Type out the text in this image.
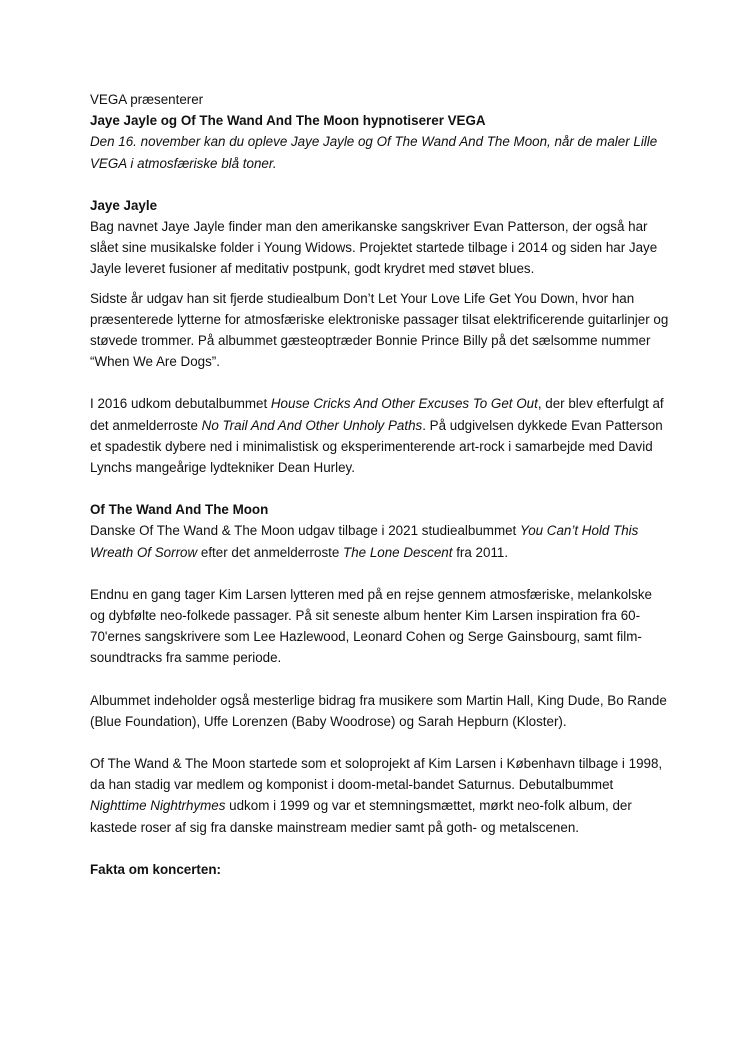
VEGA præsenterer

Jaye Jayle og Of The Wand And The Moon hypnotiserer VEGA

Den 16. november kan du opleve Jaye Jayle og Of The Wand And The Moon, når de maler Lille VEGA i atmosfæriske blå toner.

Jaye Jayle

Bag navnet Jaye Jayle finder man den amerikanske sangskriver Evan Patterson, der også har slået sine musikalske folder i Young Widows. Projektet startede tilbage i 2014 og siden har Jaye Jayle leveret fusioner af meditativ postpunk, godt krydret med støvet blues.

Sidste år udgav han sit fjerde studiealbum Don’t Let Your Love Life Get You Down, hvor han præsenterede lytterne for atmosfæriske elektroniske passager tilsat elektrificerende guitarlinjer og støvede trommer. På albummet gæsteoptræder Bonnie Prince Billy på det sælsomme nummer “When We Are Dogs”.

I 2016 udkom debutalbummet House Cricks And Other Excuses To Get Out, der blev efterfulgt af det anmelderroste No Trail And And Other Unholy Paths. På udgivelsen dykkede Evan Patterson et spadestik dybere ned i minimalistisk og eksperimenterende art-rock i samarbejde med David Lynchs mangeårige lydtekniker Dean Hurley.

Of The Wand And The Moon

Danske Of The Wand & The Moon udgav tilbage i 2021 studiealbummet You Can’t Hold This Wreath Of Sorrow efter det anmelderroste The Lone Descent fra 2011.

Endnu en gang tager Kim Larsen lytteren med på en rejse gennem atmosfæriske, melankolske og dybfølte neo-folkede passager. På sit seneste album henter Kim Larsen inspiration fra 60-70'ernes sangskrivere som Lee Hazlewood, Leonard Cohen og Serge Gainsbourg, samt film-soundtracks fra samme periode.

Albummet indeholder også mesterlige bidrag fra musikere som Martin Hall, King Dude, Bo Rande (Blue Foundation), Uffe Lorenzen (Baby Woodrose) og Sarah Hepburn (Kloster).

Of The Wand & The Moon startede som et soloprojekt af Kim Larsen i København tilbage i 1998, da han stadig var medlem og komponist i doom-metal-bandet Saturnus. Debutalbummet Nighttime Nightrhymes udkom i 1999 og var et stemningsmættet, mørkt neo-folk album, der kastede roser af sig fra danske mainstream medier samt på goth- og metalscenen.

Fakta om koncerten:
